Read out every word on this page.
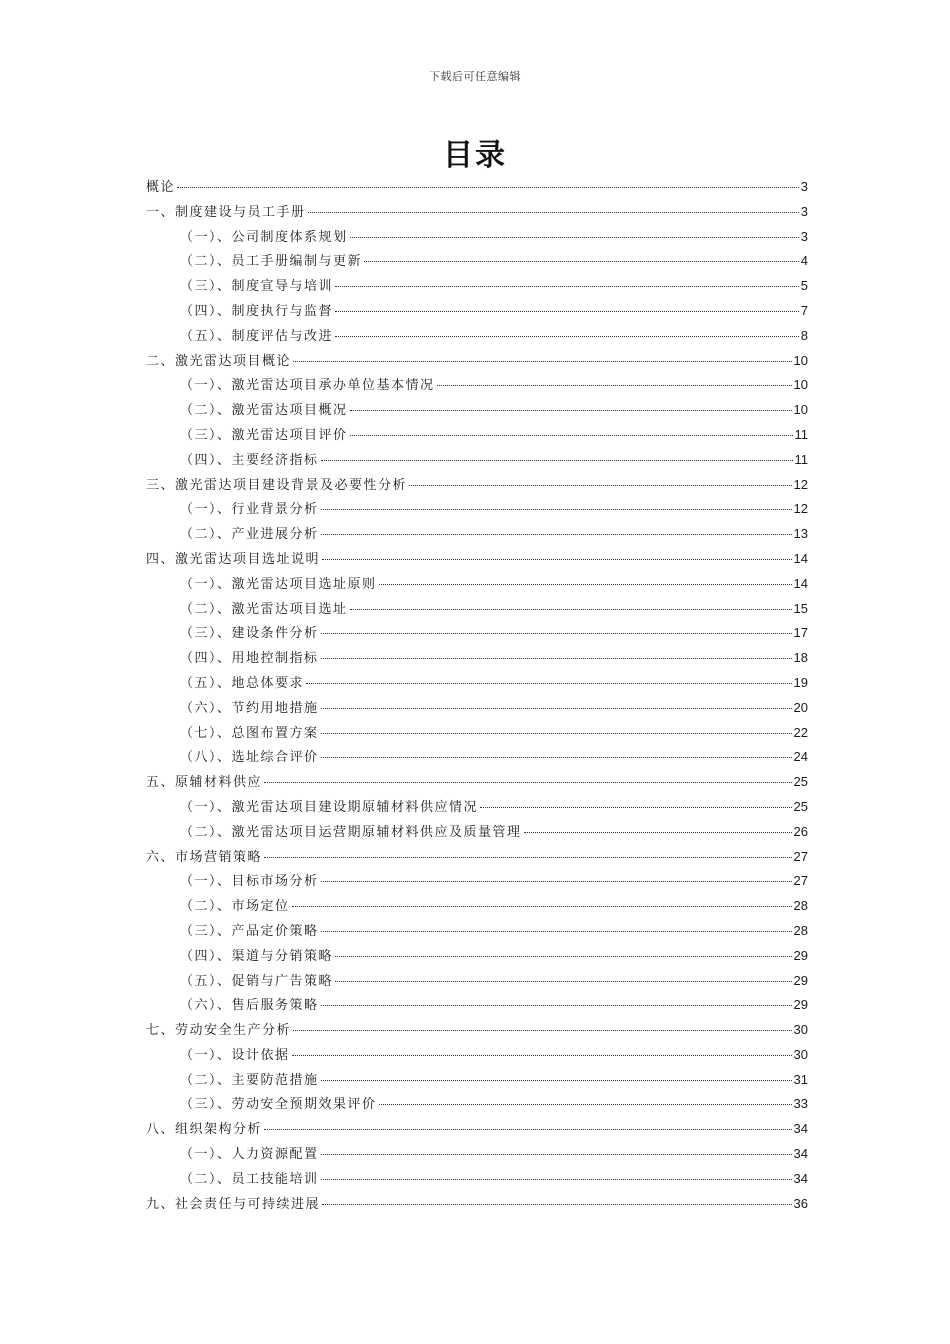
下载后可任意编辑
目录
概论	3
一、制度建设与员工手册	3
（一）、公司制度体系规划	3
（二）、员工手册编制与更新	4
（三）、制度宣导与培训	5
（四）、制度执行与监督	7
（五）、制度评估与改进	8
二、激光雷达项目概论	10
（一）、激光雷达项目承办单位基本情况	10
（二）、激光雷达项目概况	10
（三）、激光雷达项目评价	11
（四）、主要经济指标	11
三、激光雷达项目建设背景及必要性分析	12
（一）、行业背景分析	12
（二）、产业进展分析	13
四、激光雷达项目选址说明	14
（一）、激光雷达项目选址原则	14
（二）、激光雷达项目选址	15
（三）、建设条件分析	17
（四）、用地控制指标	18
（五）、地总体要求	19
（六）、节约用地措施	20
（七）、总图布置方案	22
（八）、选址综合评价	24
五、原辅材料供应	25
（一）、激光雷达项目建设期原辅材料供应情况	25
（二）、激光雷达项目运营期原辅材料供应及质量管理	26
六、市场营销策略	27
（一）、目标市场分析	27
（二）、市场定位	28
（三）、产品定价策略	28
（四）、渠道与分销策略	29
（五）、促销与广告策略	29
（六）、售后服务策略	29
七、劳动安全生产分析	30
（一）、设计依据	30
（二）、主要防范措施	31
（三）、劳动安全预期效果评价	33
八、组织架构分析	34
（一）、人力资源配置	34
（二）、员工技能培训	34
九、社会责任与可持续进展	36
